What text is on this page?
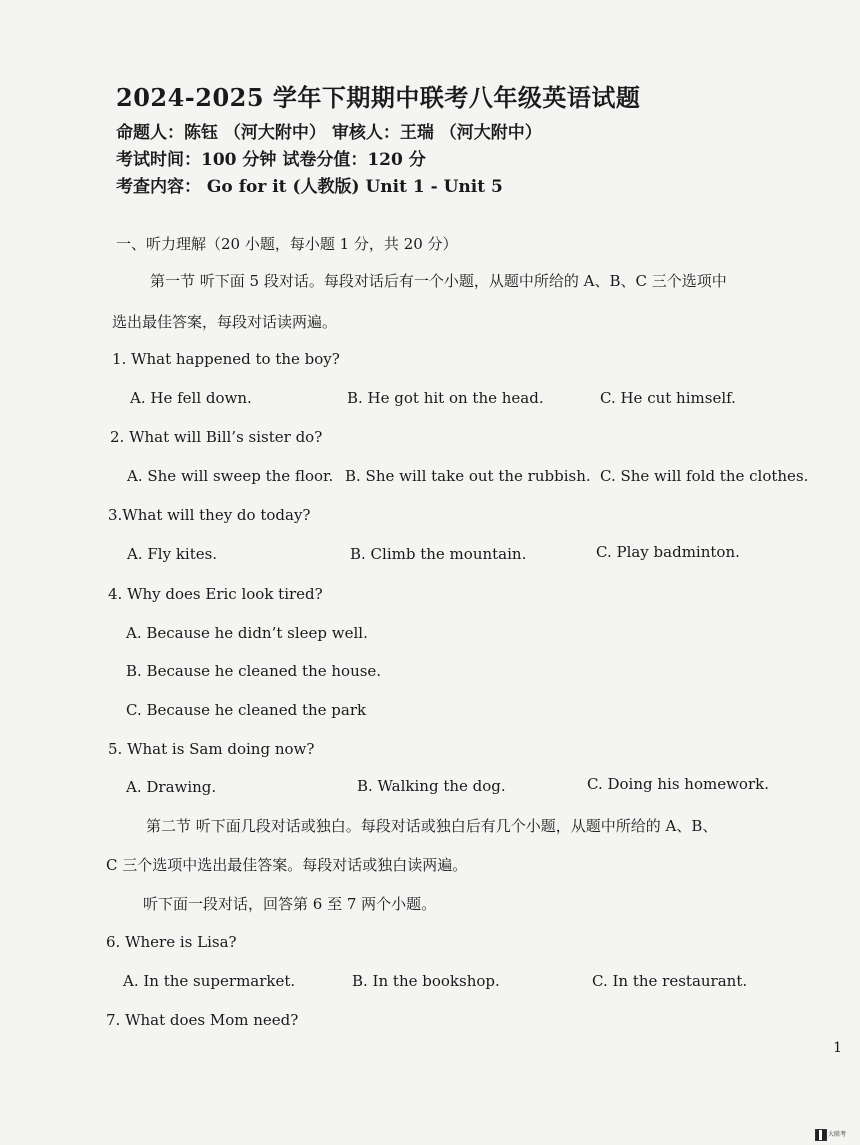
2024-2025 学年下期期中联考八年级英语试题
命题人：陈钰 （河大附中） 审核人：王瑞 （河大附中）
考试时间：100 分钟 试卷分值：120 分
考查内容： Go for it (人教版) Unit 1 - Unit 5
一、听力理解（20 小题，每小题 1 分，共 20 分）
第一节 听下面 5 段对话。每段对话后有一个小题，从题中所给的 A、B、C 三个选项中
选出最佳答案，每段对话读两遍。
1. What happened to the boy?
A. He fell down.	B. He got hit on the head.	C. He cut himself.
2. What will Bill’s sister do?
A. She will sweep the floor. B. She will take out the rubbish. C. She will fold the clothes.
3.What will they do today?
A. Fly kites.	B. Climb the mountain.	C. Play badminton.
4. Why does Eric look tired?
A. Because he didn’t sleep well.
B. Because he cleaned the house.
C. Because he cleaned the park
5. What is Sam doing now?
A. Drawing.	B. Walking the dog.	C. Doing his homework.
第二节 听下面几段对话或独白。每段对话或独白后有几个小题，从题中所给的 A、B、
C 三个选项中选出最佳答案。每段对话或独白读两遍。
听下面一段对话，回答第 6 至 7 两个小题。
6. Where is Lisa?
A. In the supermarket.	B. In the bookshop.	C. In the restaurant.
7. What does Mom need?
1
大联考
